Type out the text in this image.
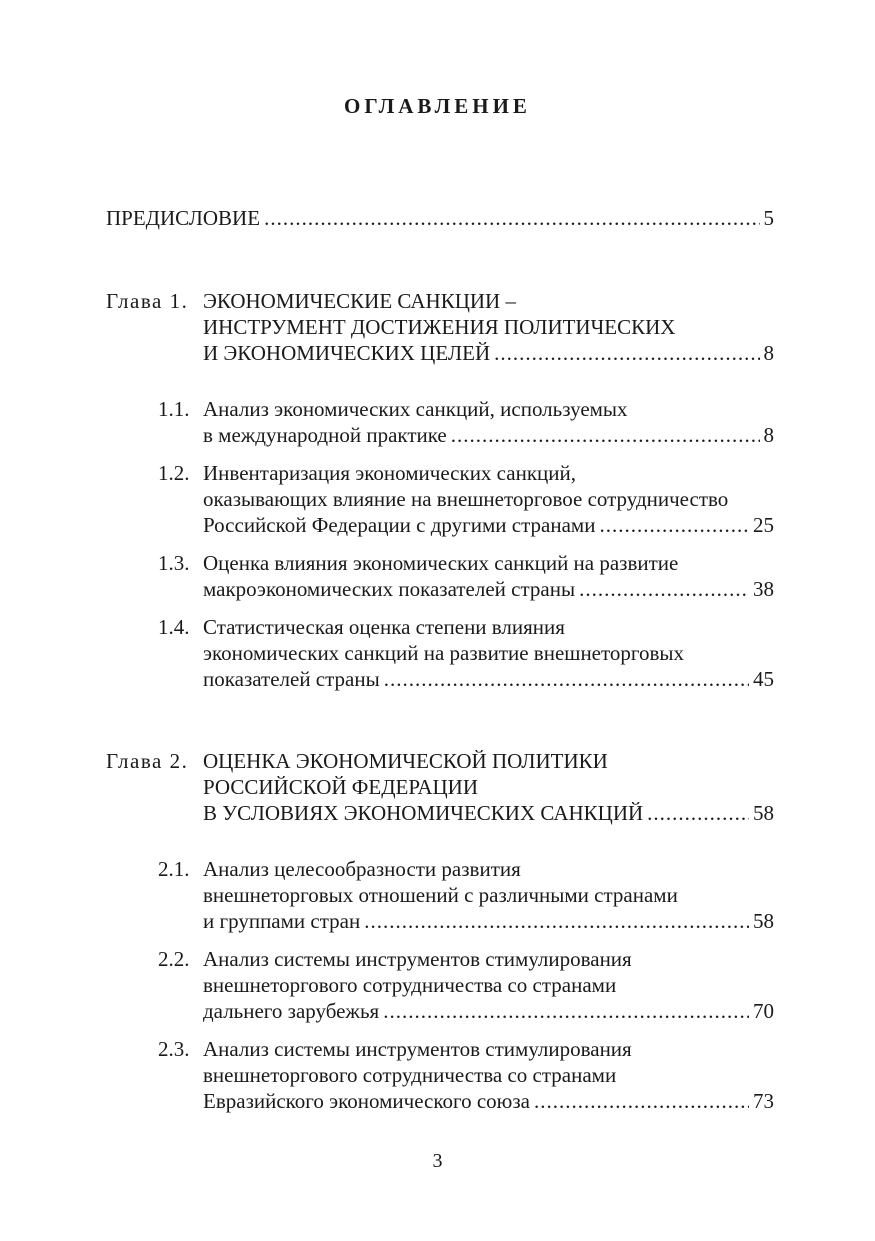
ОГЛАВЛЕНИЕ
ПРЕДИСЛОВИЕ .....	5
Глава 1. ЭКОНОМИЧЕСКИЕ САНКЦИИ –
ИНСТРУМЕНТ ДОСТИЖЕНИЯ ПОЛИТИЧЕСКИХ
И ЭКОНОМИЧЕСКИХ ЦЕЛЕЙ .....	8
1.1. Анализ экономических санкций, используемых
в международной практике .....	8
1.2. Инвентаризация экономических санкций,
оказывающих влияние на внешнеторговое сотрудничество
Российской Федерации с другими странами .....	25
1.3. Оценка влияния экономических санкций на развитие
макроэкономических показателей страны .....	38
1.4. Статистическая оценка степени влияния
экономических санкций на развитие внешнеторговых
показателей страны .....	45
Глава 2. ОЦЕНКА ЭКОНОМИЧЕСКОЙ ПОЛИТИКИ
РОССИЙСКОЙ ФЕДЕРАЦИИ
В УСЛОВИЯХ ЭКОНОМИЧЕСКИХ САНКЦИЙ .....	58
2.1. Анализ целесообразности развития
внешнеторговых отношений с различными странами
и группами стран .....	58
2.2. Анализ системы инструментов стимулирования
внешнеторгового сотрудничества со странами
дальнего зарубежья .....	70
2.3. Анализ системы инструментов стимулирования
внешнеторгового сотрудничества со странами
Евразийского экономического союза .....	73
3
